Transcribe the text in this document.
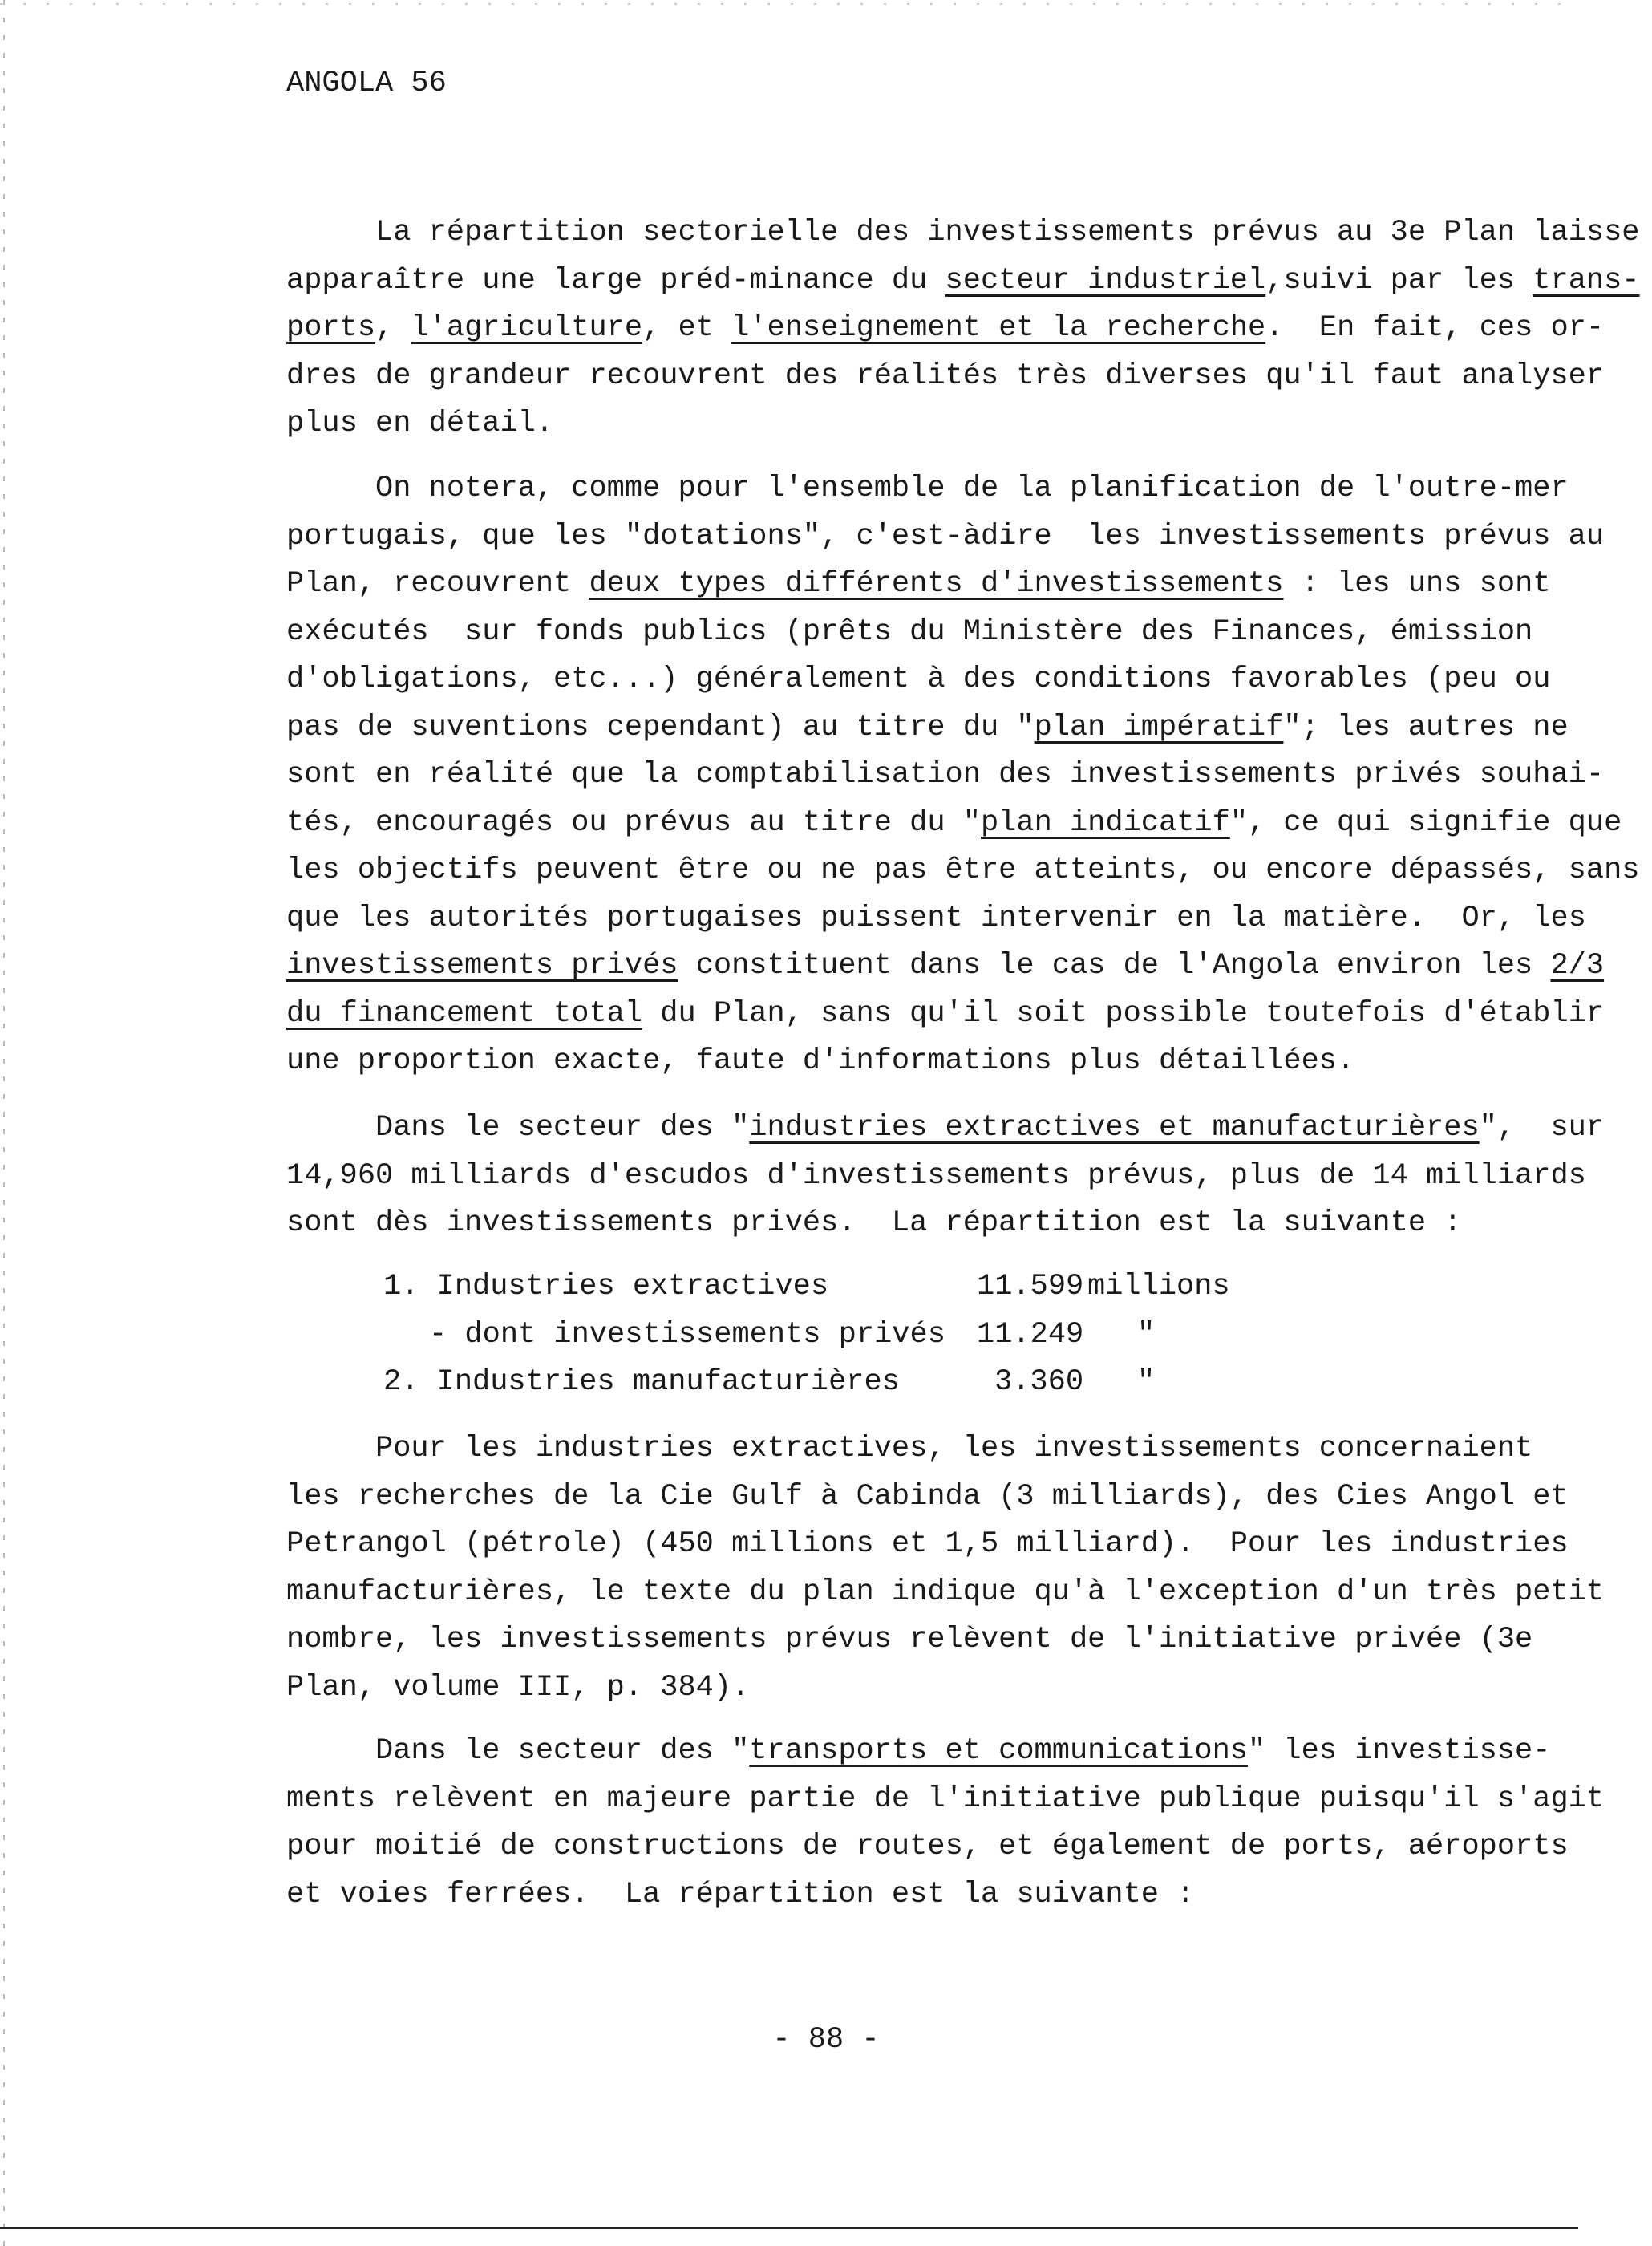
ANGOLA 56
La répartition sectorielle des investissements prévus au 3e Plan laisse
apparaître une large préd-minance du secteur industriel,suivi par les trans-
ports, l'agriculture, et l'enseignement et la recherche.  En fait, ces or-
dres de grandeur recouvrent des réalités très diverses qu'il faut analyser
plus en détail.
On notera, comme pour l'ensemble de la planification de l'outre-mer
portugais, que les "dotations", c'est-àdire  les investissements prévus au
Plan, recouvrent deux types différents d'investissements : les uns sont
exécutés  sur fonds publics (prêts du Ministère des Finances, émission
d'obligations, etc...) généralement à des conditions favorables (peu ou
pas de suventions cependant) au titre du "plan impératif"; les autres ne
sont en réalité que la comptabilisation des investissements privés souhai-
tés, encouragés ou prévus au titre du "plan indicatif", ce qui signifie que
les objectifs peuvent être ou ne pas être atteints, ou encore dépassés, sans
que les autorités portugaises puissent intervenir en la matière.  Or, les
investissements privés constituent dans le cas de l'Angola environ les 2/3
du financement total du Plan, sans qu'il soit possible toutefois d'établir
une proportion exacte, faute d'informations plus détaillées.
Dans le secteur des "industries extractives et manufacturières",  sur
14,960 milliards d'escudos d'investissements prévus, plus de 14 milliards
sont dès investissements privés.  La répartition est la suivante :

1. Industries extractives

	11.599

millions

- dont investissements privés

11.249

"

2. Industries manufacturières

	3.360

"

Pour les industries extractives, les investissements concernaient
les recherches de la Cie Gulf à Cabinda (3 milliards), des Cies Angol et
Petrangol (pétrole) (450 millions et 1,5 milliard).  Pour les industries
manufacturières, le texte du plan indique qu'à l'exception d'un très petit
nombre, les investissements prévus relèvent de l'initiative privée (3e
Plan, volume III, p. 384).
Dans le secteur des "transports et communications" les investisse-
ments relèvent en majeure partie de l'initiative publique puisqu'il s'agit
pour moitié de constructions de routes, et également de ports, aéroports
et voies ferrées.  La répartition est la suivante :
- 88 -
